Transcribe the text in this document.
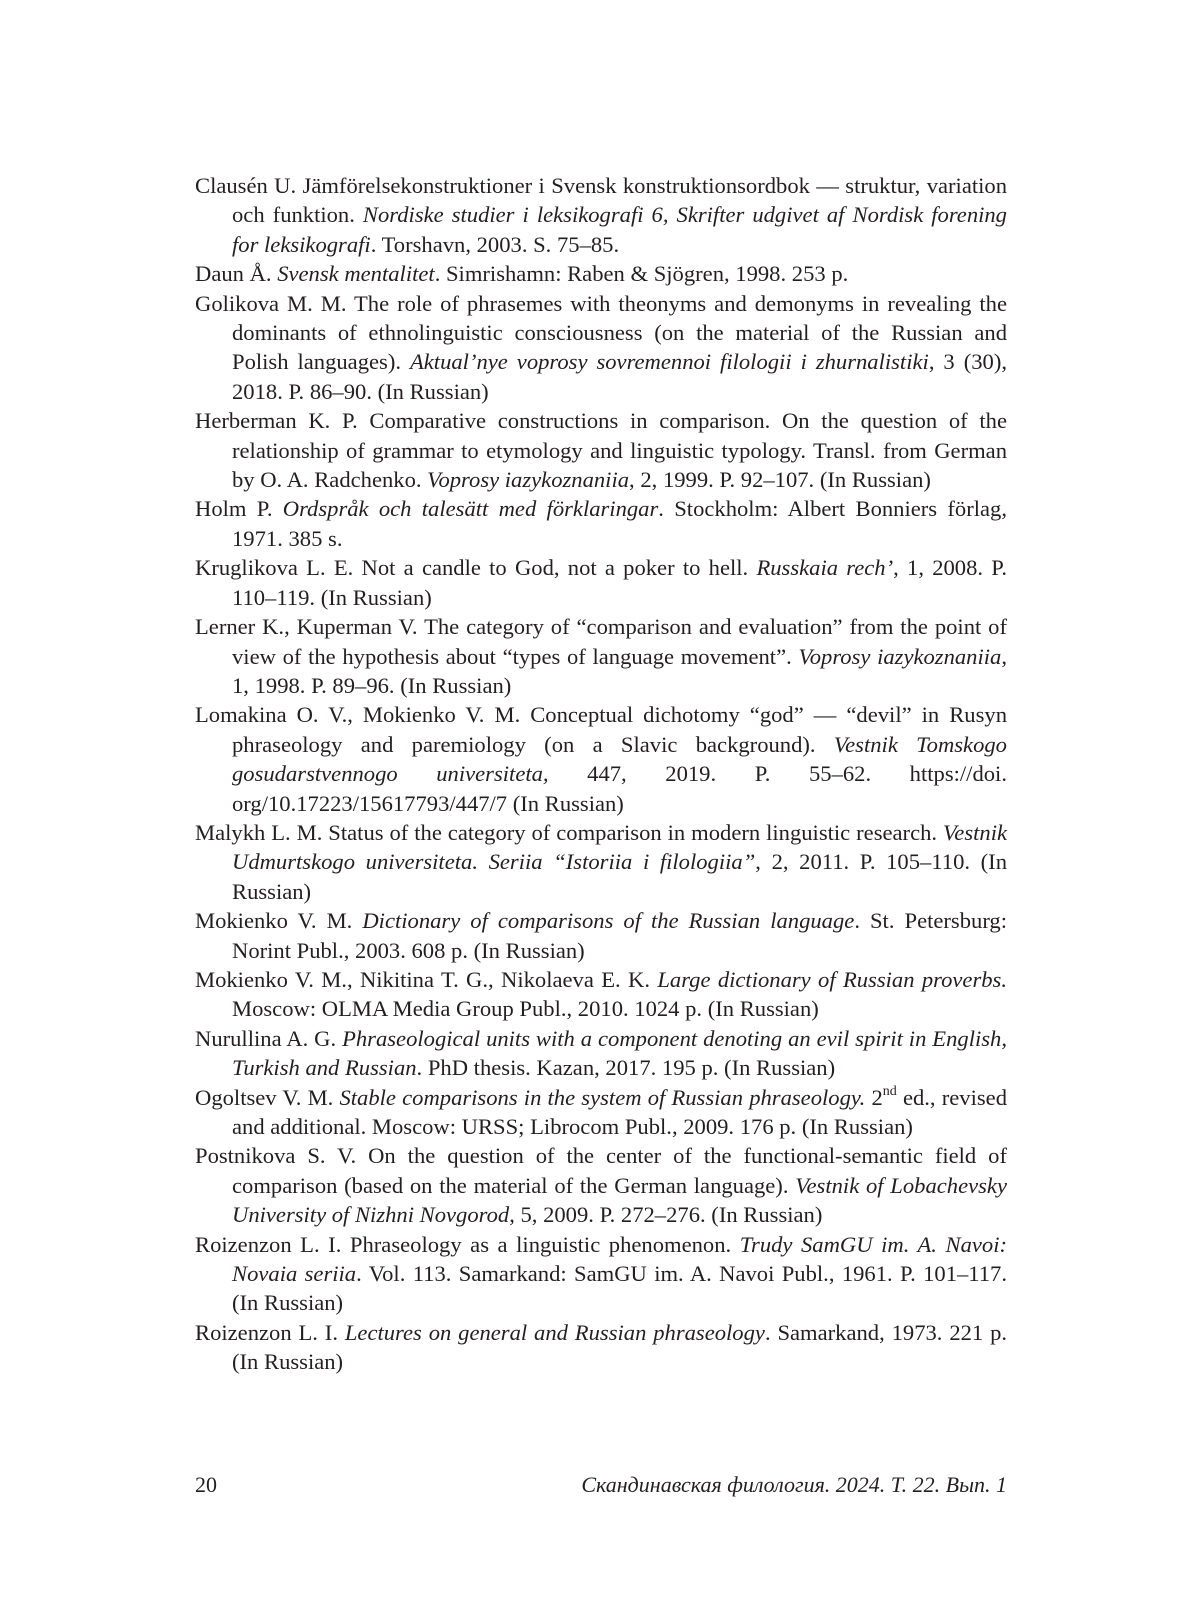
Clausén U. Jämförelsekonstruktioner i Svensk konstruktionsordbok — struktur, variation och funktion. Nordiske studier i leksikografi 6, Skrifter udgivet af Nordisk forening for leksikografi. Torshavn, 2003. S. 75–85.
Daun Å. Svensk mentalitet. Simrishamn: Raben & Sjögren, 1998. 253 p.
Golikova M. M. The role of phrasemes with theonyms and demonyms in revealing the dominants of ethnolinguistic consciousness (on the material of the Russian and Polish languages). Aktual’nye voprosy sovremennoi filologii i zhurnalistiki, 3 (30), 2018. P. 86–90. (In Russian)
Herberman K. P. Comparative constructions in comparison. On the question of the relationship of grammar to etymology and linguistic typology. Transl. from German by O. A. Radchenko. Voprosy iazykoznaniia, 2, 1999. P. 92–107. (In Russian)
Holm P. Ordspråk och talesätt med förklaringar. Stockholm: Albert Bonniers förlag, 1971. 385 s.
Kruglikova L. E. Not a candle to God, not a poker to hell. Russkaia rech’, 1, 2008. P. 110–119. (In Russian)
Lerner K., Kuperman V. The category of “comparison and evaluation” from the point of view of the hypothesis about “types of language movement”. Voprosy iazykoznaniia, 1, 1998. P. 89–96. (In Russian)
Lomakina O. V., Mokienko V. M. Conceptual dichotomy “god” — “devil” in Rusyn phraseology and paremiology (on a Slavic background). Vestnik Tomskogo gosudarstvennogo universiteta, 447, 2019. P. 55–62. https://doi.​org/10.17223/15617793/447/7 (In Russian)
Malykh L. M. Status of the category of comparison in modern linguistic research. Vestnik Udmurtskogo universiteta. Seriia “Istoriia i filologiia”, 2, 2011. P. 105–​110. (In Russian)
Mokienko V. M. Dictionary of comparisons of the Russian language. St. Petersburg: Norint Publ., 2003. 608 p. (In Russian)
Mokienko V. M., Nikitina T. G., Nikolaeva E. K. Large dictionary of Russian proverbs. Moscow: OLMA Media Group Publ., 2010. 1024 p. (In Russian)
Nurullina A. G. Phraseological units with a component denoting an evil spirit in English, Turkish and Russian. PhD thesis. Kazan, 2017. 195 p. (In Russian)
Ogoltsev V. M. Stable comparisons in the system of Russian phraseology. 2nd ed., revised and additional. Moscow: URSS; Librocom Publ., 2009. 176 p. (In Russian)
Postnikova S. V. On the question of the center of the functional-semantic field of comparison (based on the material of the German language). Vestnik of Lobachevsky University of Nizhni Novgorod, 5, 2009. P. 272–276. (In Russian)
Roizenzon L. I. Phraseology as a linguistic phenomenon. Trudy SamGU im. A. Navoi: Novaia seriia. Vol. 113. Samarkand: SamGU im. A. Navoi Publ., 1961. P. 101–117. (In Russian)
Roizenzon L. I. Lectures on general and Russian phraseology. Samarkand, 1973. 221 p. (In Russian)
20	Скандинавская филология. 2024. Т. 22. Вып. 1
